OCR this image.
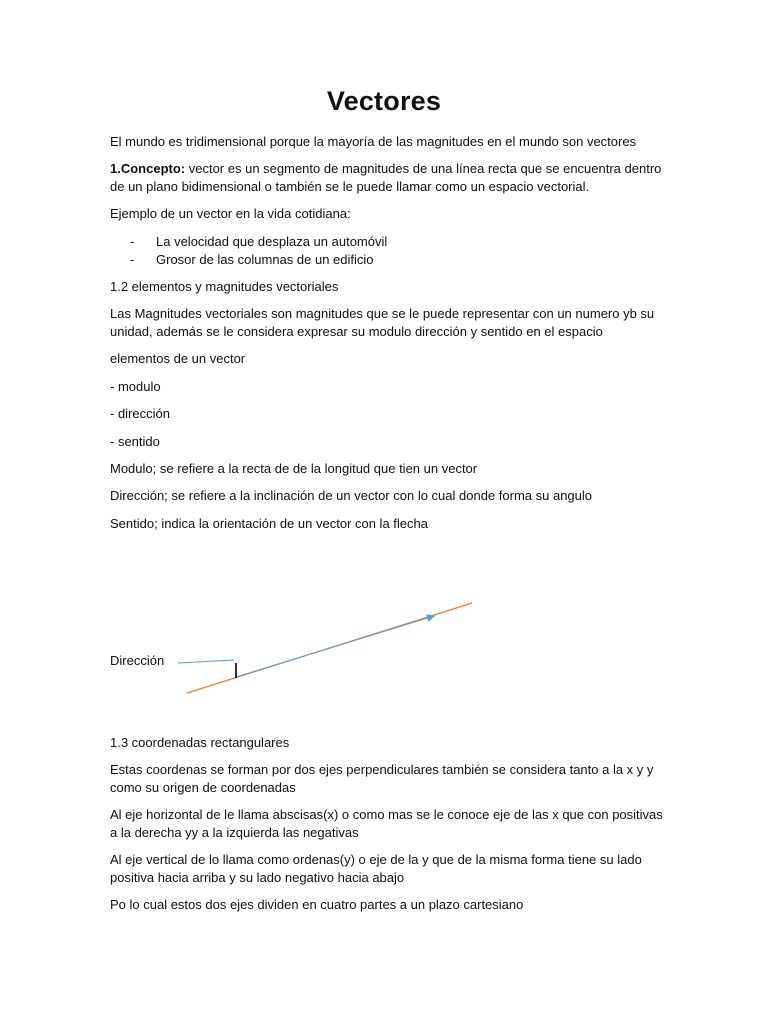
Vectores
El mundo es tridimensional porque la mayoría de las magnitudes en el mundo son vectores
1.Concepto: vector es un segmento de magnitudes de una línea recta que se encuentra dentro
de un plano bidimensional o también se le puede llamar como un espacio vectorial.
Ejemplo de un vector en la vida cotidiana:
- La velocidad que desplaza un automóvil
- Grosor de las columnas de un edificio
1.2 elementos y magnitudes vectoriales
Las Magnitudes vectoriales son magnitudes que se le puede representar con un numero yb su
unidad, además se le considera expresar su modulo dirección y sentido en el espacio
elementos de un vector
- modulo
- dirección
- sentido
Modulo; se refiere a la recta de de la longitud que tien un vector
Dirección; se refiere a la inclinación de un vector con lo cual donde forma su angulo
Sentido; indica la orientación de un vector con la flecha
Dirección
1.3 coordenadas rectangulares
Estas coordenas se forman por dos ejes perpendiculares también se considera tanto a la x y y
como su origen de coordenadas
Al eje horizontal de le llama abscisas(x) o como mas se le conoce eje de las x que con positivas
a la derecha yy a la izquierda las negativas
Al eje vertical de lo llama como ordenas(y) o eje de la y que de la misma forma tiene su lado
positiva hacia arriba y su lado negativo hacia abajo
Po lo cual estos dos ejes dividen en cuatro partes a un plazo cartesiano
